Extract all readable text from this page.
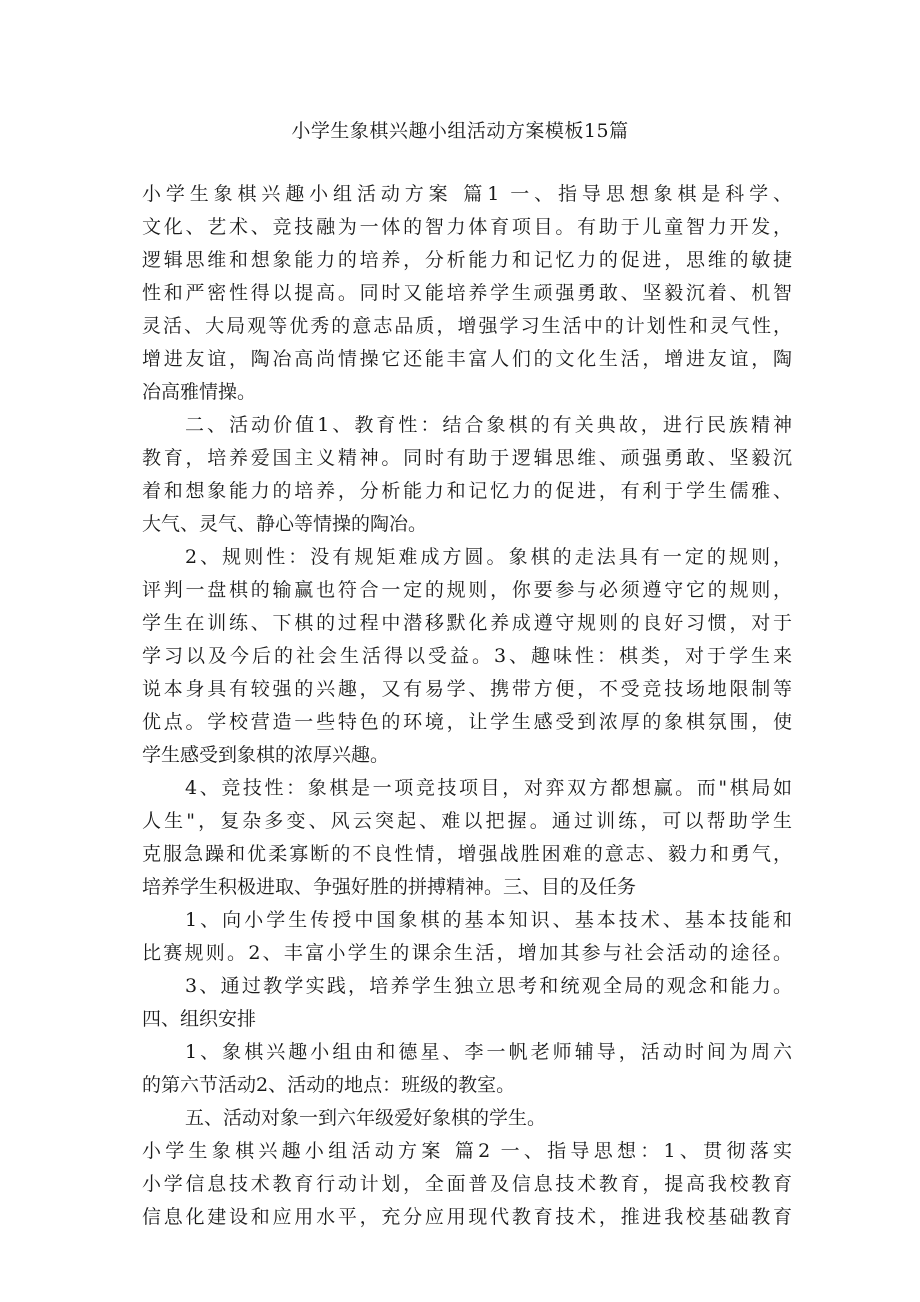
小学生象棋兴趣小组活动方案模板15篇
小学生象棋兴趣小组活动方案 篇1 一、指导思想象棋是科学、
文化、艺术、竞技融为一体的智力体育项目。有助于儿童智力开发，
逻辑思维和想象能力的培养，分析能力和记忆力的促进，思维的敏捷
性和严密性得以提高。同时又能培养学生顽强勇敢、坚毅沉着、机智
灵活、大局观等优秀的意志品质，增强学习生活中的计划性和灵气性，
增进友谊，陶冶高尚情操它还能丰富人们的文化生活，增进友谊，陶
冶高雅情操。
二、活动价值1、教育性：结合象棋的有关典故，进行民族精神
教育，培养爱国主义精神。同时有助于逻辑思维、顽强勇敢、坚毅沉
着和想象能力的培养，分析能力和记忆力的促进，有利于学生儒雅、
大气、灵气、静心等情操的陶冶。
2、规则性：没有规矩难成方圆。象棋的走法具有一定的规则，
评判一盘棋的输赢也符合一定的规则，你要参与必须遵守它的规则，
学生在训练、下棋的过程中潜移默化养成遵守规则的良好习惯，对于
学习以及今后的社会生活得以受益。3、趣味性：棋类，对于学生来
说本身具有较强的兴趣，又有易学、携带方便，不受竞技场地限制等
优点。学校营造一些特色的环境，让学生感受到浓厚的象棋氛围，使
学生感受到象棋的浓厚兴趣。
4、竞技性：象棋是一项竞技项目，对弈双方都想赢。而"棋局如
人生"，复杂多变、风云突起、难以把握。通过训练，可以帮助学生
克服急躁和优柔寡断的不良性情，增强战胜困难的意志、毅力和勇气，
培养学生积极进取、争强好胜的拼搏精神。三、目的及任务
1、向小学生传授中国象棋的基本知识、基本技术、基本技能和
比赛规则。2、丰富小学生的课余生活，增加其参与社会活动的途径。
3、通过教学实践，培养学生独立思考和统观全局的观念和能力。
四、组织安排
1、象棋兴趣小组由和德星、李一帆老师辅导，活动时间为周六
的第六节活动2、活动的地点：班级的教室。
五、活动对象一到六年级爱好象棋的学生。
小学生象棋兴趣小组活动方案 篇2 一、指导思想：1、贯彻落实
小学信息技术教育行动计划，全面普及信息技术教育，提高我校教育
信息化建设和应用水平，充分应用现代教育技术，推进我校基础教育
